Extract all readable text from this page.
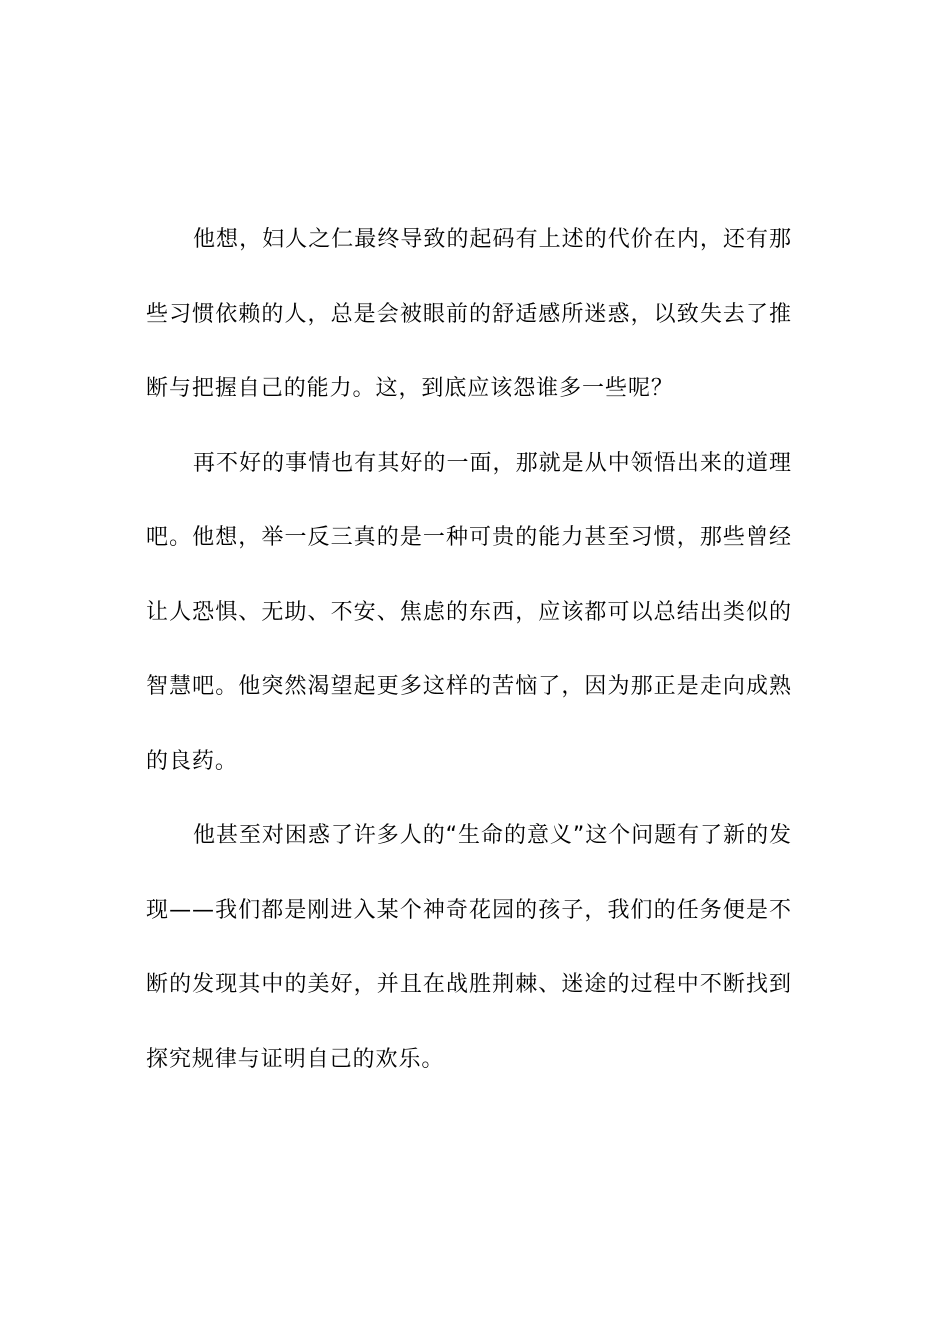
他想，妇人之仁最终导致的起码有上述的代价在内，还有那些习惯依赖的人，总是会被眼前的舒适感所迷惑，以致失去了推断与把握自己的能力。这，到底应该怨谁多一些呢？

再不好的事情也有其好的一面，那就是从中领悟出来的道理吧。他想，举一反三真的是一种可贵的能力甚至习惯，那些曾经让人恐惧、无助、不安、焦虑的东西，应该都可以总结出类似的智慧吧。他突然渴望起更多这样的苦恼了，因为那正是走向成熟的良药。

他甚至对困惑了许多人的“生命的意义”这个问题有了新的发现——我们都是刚进入某个神奇花园的孩子，我们的任务便是不断的发现其中的美好，并且在战胜荆棘、迷途的过程中不断找到探究规律与证明自己的欢乐。
